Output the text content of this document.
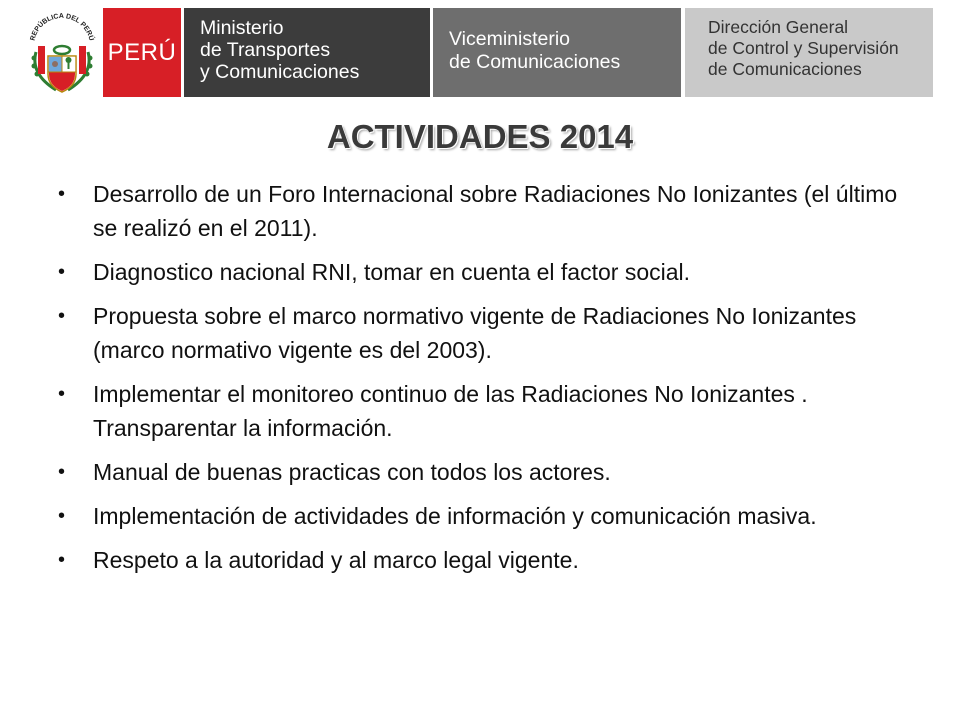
REPÚBLICA DEL PERÚ
PERÚ
Ministerio
de Transportes
y Comunicaciones
Viceministerio
de Comunicaciones
Dirección General
de Control y Supervisión
de Comunicaciones
ACTIVIDADES 2014
• Desarrollo de un Foro Internacional sobre Radiaciones No Ionizantes (el último se realizó en el 2011).
• Diagnostico nacional RNI, tomar en cuenta el factor social.
• Propuesta sobre el marco normativo vigente de Radiaciones No Ionizantes (marco normativo vigente es del 2003).
• Implementar el monitoreo continuo de las Radiaciones No Ionizantes . Transparentar la información.
• Manual de buenas practicas con todos los actores.
• Implementación de actividades de información y comunicación masiva.
• Respeto a la autoridad y al marco legal vigente.
